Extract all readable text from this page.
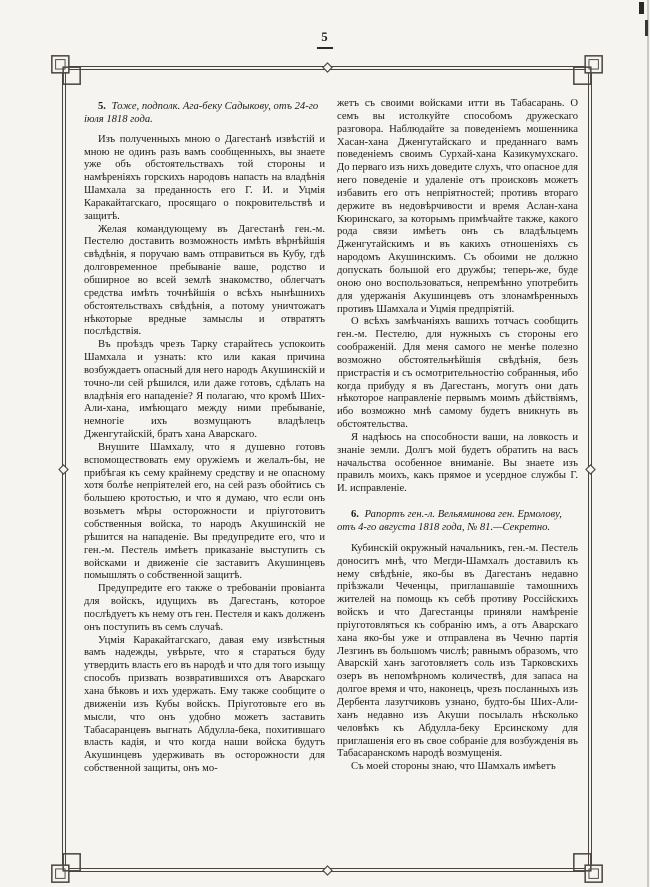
5
5. Тоже, подполк. Ага-беку Садыкову, отъ 24-го іюля 1818 года.

Изъ полученныхъ мною о Дагестанѣ извѣстій и мною не одинъ разъ вамъ сообщенныхъ, вы знаете уже объ обстоятельствахъ той стороны и намѣреніяхъ горскихъ народовъ напасть на владѣнія Шамхала за преданность его Г. И. и Уцмія Каракайтагскаго, просящаго о покровительствѣ и защитѣ.

Желая командующему въ Дагестанѣ ген.-м. Пестелю доставить возможность имѣть вѣрнѣйшія свѣдѣнія, я поручаю вамъ отправиться въ Кубу, гдѣ долговременное пребываніе ваше, родство и обширное во всей землѣ знакомство, облегчатъ средства имѣть точнѣйшія о всѣхъ нынѣшнихъ обстоятельствахъ свѣдѣнія, а потому уничтожатъ нѣкоторые вредные замыслы и отвратятъ послѣдствія.

Въ проѣздъ чрезъ Тарку старайтесь успокоить Шамхала и узнать: кто или какая причина возбуждаетъ опасный для него народъ Акушинскій и точно-ли сей рѣшился, или даже готовъ, сдѣлать на владѣнія его нападеніе? Я полагаю, что кромѣ Ших-Али-хана, имѣющаго между ними пребываніе, немногіе ихъ возмущаютъ владѣлецъ Дженгутайскій, братъ хана Аварскаго.

Внушите Шамхалу, что я душевно готовъ вспомоществовать ему оружіемъ и желалъ-бы, не прибѣгая къ сему крайнему средству и не опасному хотя болѣе непріятелей его, на сей разъ обойтись съ большею кротостью, и что я думаю, что если онъ возьметъ мѣры осторожности и пріуготовитъ собственныя войска, то народъ Акушинскій не рѣшится на нападеніе. Вы предупредите его, что и ген.-м. Пестель имѣетъ приказаніе выступить съ войсками и движеніе сіе заставитъ Акушинцевъ помышлять о собственной защитѣ.

Предупредите его также о требованіи провіанта для войскъ, идущихъ въ Дагестанъ, которое послѣдуетъ къ нему отъ ген. Пестеля и какъ долженъ онъ поступить въ семъ случаѣ.

Уцмія Каракайтагскаго, давая ему извѣстныя вамъ надежды, увѣрьте, что я стараться буду утвердить власть его въ народѣ и что для того изыщу способъ призвать возвратившихся отъ Аварскаго хана бѣковъ и ихъ удержать. Ему также сообщите о движеніи изъ Кубы войскъ. Пріуготовьте его въ мысли, что онъ удобно можетъ заставить Табасаранцевъ выгнать Абдулла-бека, похитившаго власть кадія, и что когда наши войска будутъ Акушинцевъ удерживать въ осторожности для собственной защиты, онъ мо-

жетъ съ своими войсками итти въ Табасарань. О семъ вы истолкуйте способомъ дружескаго разговора. Наблюдайте за поведеніемъ мошенника Хасан-хана Дженгутайскаго и преданнаго вамъ поведеніемъ своимъ Сурхай-хана Казикумухскаго. До перваго изъ нихъ доведите слухъ, что опасное для него поведеніе и удаленіе отъ происковъ можетъ избавить его отъ непріятностей; противъ втораго держите въ недовѣрчивости и время Аслан-хана Кюринскаго, за которымъ примѣчайте также, какого рода связи имѣетъ онъ съ владѣльцемъ Дженгутайскимъ и въ какихъ отношеніяхъ съ народомъ Акушинскимъ. Съ обоими не должно допускать большой его дружбы; теперь-же, буде оною оно воспользоваться, непремѣнно употребить для удержанія Акушинцевъ отъ злонамѣренныхъ противъ Шамхала и Уцмія предпріятій.

О всѣхъ замѣчаніяхъ вашихъ тотчасъ сообщить ген.-м. Пестелю, для нужныхъ съ стороны его соображеній. Для меня самого не менѣе полезно возможно обстоятельнѣйшія свѣдѣнія, безъ пристрастія и съ осмотрительностію собранныя, ибо когда прибуду я въ Дагестанъ, могутъ они дать нѣкоторое направленіе первымъ моимъ дѣйствіямъ, ибо возможно мнѣ самому будетъ вникнуть въ обстоятельства.

Я надѣюсь на способности ваши, на ловкость и знаніе земли. Долгъ мой будетъ обратить на васъ начальства особенное вниманіе. Вы знаете изъ правилъ моихъ, какъ прямое и усердное службы Г. И. исправленіе.

6. Рапортъ ген.-л. Вельяминова ген. Ермолову, отъ 4-го августа 1818 года, № 81.—Секретно.

Кубинскій окружный начальникъ, ген.-м. Пестель доноситъ мнѣ, что Мегди-Шамхалъ доставилъ къ нему свѣдѣніе, яко-бы въ Дагестанъ недавно пріѣзжали Чеченцы, приглашавшіе тамошнихъ жителей на помощь къ себѣ противу Россійскихъ войскъ и что Дагестанцы приняли намѣреніе пріуготовляться къ собранію имъ, а отъ Аварскаго хана яко-бы уже и отправлена въ Чечню партія Лезгинъ въ большомъ числѣ; равнымъ образомъ, что Аварскій ханъ заготовляетъ соль изъ Тарковскихъ озеръ въ непомѣрномъ количествѣ, для запаса на долгое время и что, наконецъ, чрезъ посланныхъ изъ Дербента лазутчиковъ узнано, будто-бы Ших-Али-ханъ недавно изъ Акуши посылалъ нѣсколько человѣкъ къ Абдулла-беку Ерсинскому для приглашенія его въ свое собраніе для возбужденія въ Табасаранскомъ народѣ возмущенія.

Съ моей стороны знаю, что Шамхалъ имѣетъ
